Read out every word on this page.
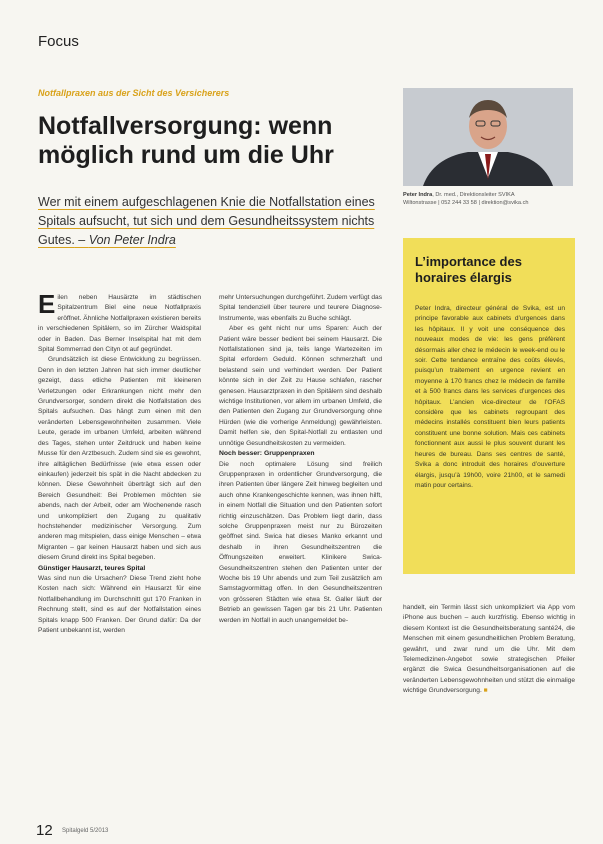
Focus
Notfallpraxen aus der Sicht des Versicherers
Notfallversorgung: wenn möglich rund um die Uhr
Wer mit einem aufgeschlagenen Knie die Notfallstation eines Spitals aufsucht, tut sich und dem Gesundheitssystem nichts Gutes. – Von Peter Indra
Peter Indra, Dr. med., Direktionsleiter SVIKA
Wiltonstrasse | 052 244 33 58 | direktion@svika.ch
L’importance des horaires élargis
Peter Indra, directeur général de Svika, est un principe favorable aux cabinets d’urgences dans les hôpitaux. Il y voit une conséquence des nouveaux modes de vie: les gens préfèrent désormais aller chez le médecin le week-end ou le soir. Cette tendance entraîne des coûts élevés, puisqu’un traitement en urgence revient en moyenne à 170 francs chez le médecin de famille et à 500 francs dans les services d’urgences des hôpitaux. L’ancien vice-directeur de l’OFAS considère que les cabinets regroupant des médecins installés constituent bien leurs patients constituent une bonne solution. Mais ces cabinets fonctionnent aux aussi le plus souvent durant les heures de bureau. Dans ses centres de santé, Svika a donc introduit des horaires d’ouverture élargis, jusqu’à 19h00, voire 21h00, et le samedi matin pour certains.

Eilen neben Hausärzte im städtischen Spitalzentrum Biel eine neue Notfallpraxis eröffnet. Ähnliche Notfallpraxen existieren bereits in verschiedenen Spitälern, so im Zürcher Waidspital oder in Baden. Das Berner Inselspital hat mit dem Spital Sommerrad den Cityn ot auf gegründet.

Grundsätzlich ist diese Entwicklung zu begrüssen. Denn in den letzten Jahren hat sich immer deutlicher gezeigt, dass etliche Patienten mit kleineren Verletzungen oder Erkrankungen nicht mehr den Grundversorger, sondern direkt die Notfallstation des Spitals aufsuchen. Das hängt zum einen mit den veränderten Lebensgewohnheiten zusammen. Viele Leute, gerade im urbanen Umfeld, arbeiten während des Tages, stehen unter Zeitdruck und haben keine Musse für den Arztbesuch. Zudem sind sie es gewohnt, ihre alltäglichen Bedürfnisse (wie etwa essen oder einkaufen) jederzeit bis spät in die Nacht abdecken zu können. Diese Gewohnheit überträgt sich auf den Bereich Gesundheit: Bei Problemen möchten sie abends, nach der Arbeit, oder am Wochenende rasch und unkompliziert den Zugang zu qualitativ hochstehender medizinischer Versorgung. Zum anderen mag mitspielen, dass einige Menschen – etwa Migranten – gar keinen Hausarzt haben und sich aus diesem Grund direkt ins Spital begeben.

Günstiger Hausarzt, teures Spital

Was sind nun die Ursachen? Diese Trend zieht hohe Kosten nach sich: Während ein Hausarzt für eine Notfallbehandlung im Durchschnitt gut 170 Franken in Rechnung stellt, sind es auf der Notfallstation eines Spitals knapp 500 Franken. Der Grund dafür: Da der Patient unbekannt ist, werden

mehr Untersuchungen durchgeführt. Zudem verfügt das Spital tendenziell über teurere und teurere Diagnose-Instrumente, was ebenfalls zu Buche schlägt.

Aber es geht nicht nur ums Sparen: Auch der Patient wäre besser bedient bei seinem Hausarzt. Die Notfallstationen sind ja, teils lange Wartezeiten im Spital erfordern Geduld. Können schmerzhaft und belastend sein und verhindert werden. Der Patient könnte sich in der Zeit zu Hause schlafen, rascher genesen. Hausarztpraxen in den Spitälern sind deshalb wichtige Institutionen, vor allem im urbanen Umfeld, die den Patienten den Zugang zur Grundversorgung ohne Hürden (wie die vorherige Anmeldung) gewährleisten. Damit helfen sie, den Spital-Notfall zu entlasten und unnötige Gesundheitskosten zu vermeiden.

Noch besser: Gruppenpraxen

Die noch optimalere Lösung sind freilich Gruppenpraxen in ordentlicher Grundversorgung, die ihren Patienten über längere Zeit hinweg begleiten und auch ohne Krankengeschichte kennen, was ihnen hilft, in einem Notfall die Situation und den Patienten sofort richtig einzuschätzen. Das Problem liegt darin, dass solche Gruppenpraxen meist nur zu Bürozeiten geöffnet sind. Swica hat dieses Manko erkannt und deshalb in ihren Gesundheitszentren die Öffnungszeiten erweitert. Klinikere Swica-Gesundheitszentren stehen den Patienten unter der Woche bis 19 Uhr abends und zum Teil zusätzlich am Samstagvormittag offen. In den Gesundheitszentren von grösseren Städten wie etwa St. Galler läuft der Betrieb an gewissen Tagen gar bis 21 Uhr. Patienten werden im Notfall in auch unangemeldet be-

handelt, ein Termin lässt sich unkompliziert via App vom iPhone aus buchen – auch kurzfristig. Ebenso wichtig in diesem Kontext ist die Gesundheitsberatung santé24, die Menschen mit einem gesundheitlichen Problem Beratung, gewährt, und zwar rund um die Uhr. Mit dem Telemedizinen-Angebot sowie strategischen Pfeiler ergänzt die Swica Gesundheitsorganisationen auf die veränderten Lebensgewohnheiten und stützt die einmalige wichtige Grundversorgung. ■

12 Spitalgeld 5/2013
